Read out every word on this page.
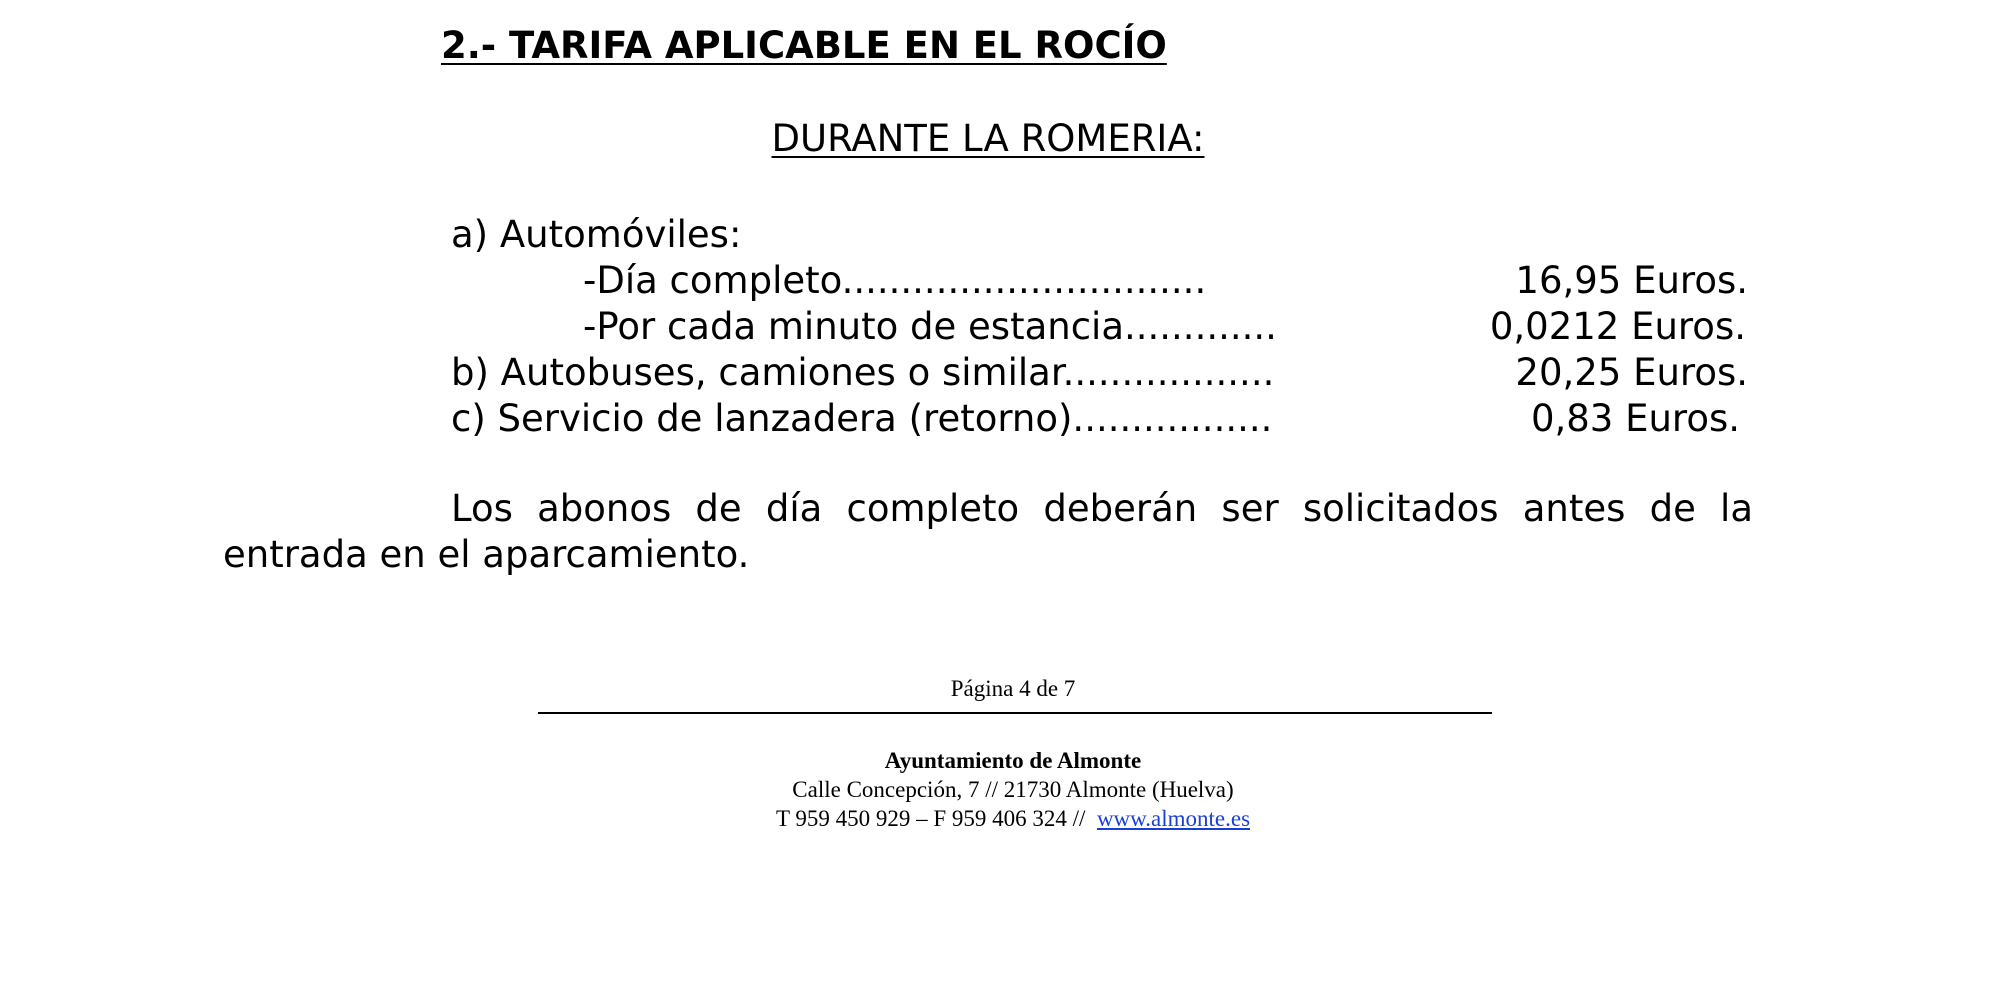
2.- TARIFA APLICABLE EN EL ROCÍO
DURANTE LA ROMERIA:
a) Automóviles:
-Día completo...............................	16,95 Euros.
-Por cada minuto de estancia.............	0,0212 Euros.
b) Autobuses, camiones o similar..................	20,25 Euros.
c) Servicio de lanzadera (retorno).................	0,83 Euros.
Los abonos de día completo deberán ser solicitados antes de la entrada en el aparcamiento.
Página 4 de 7
Ayuntamiento de Almonte
Calle Concepción, 7 // 21730 Almonte (Huelva)
T 959 450 929 – F 959 406 324 // www.almonte.es
